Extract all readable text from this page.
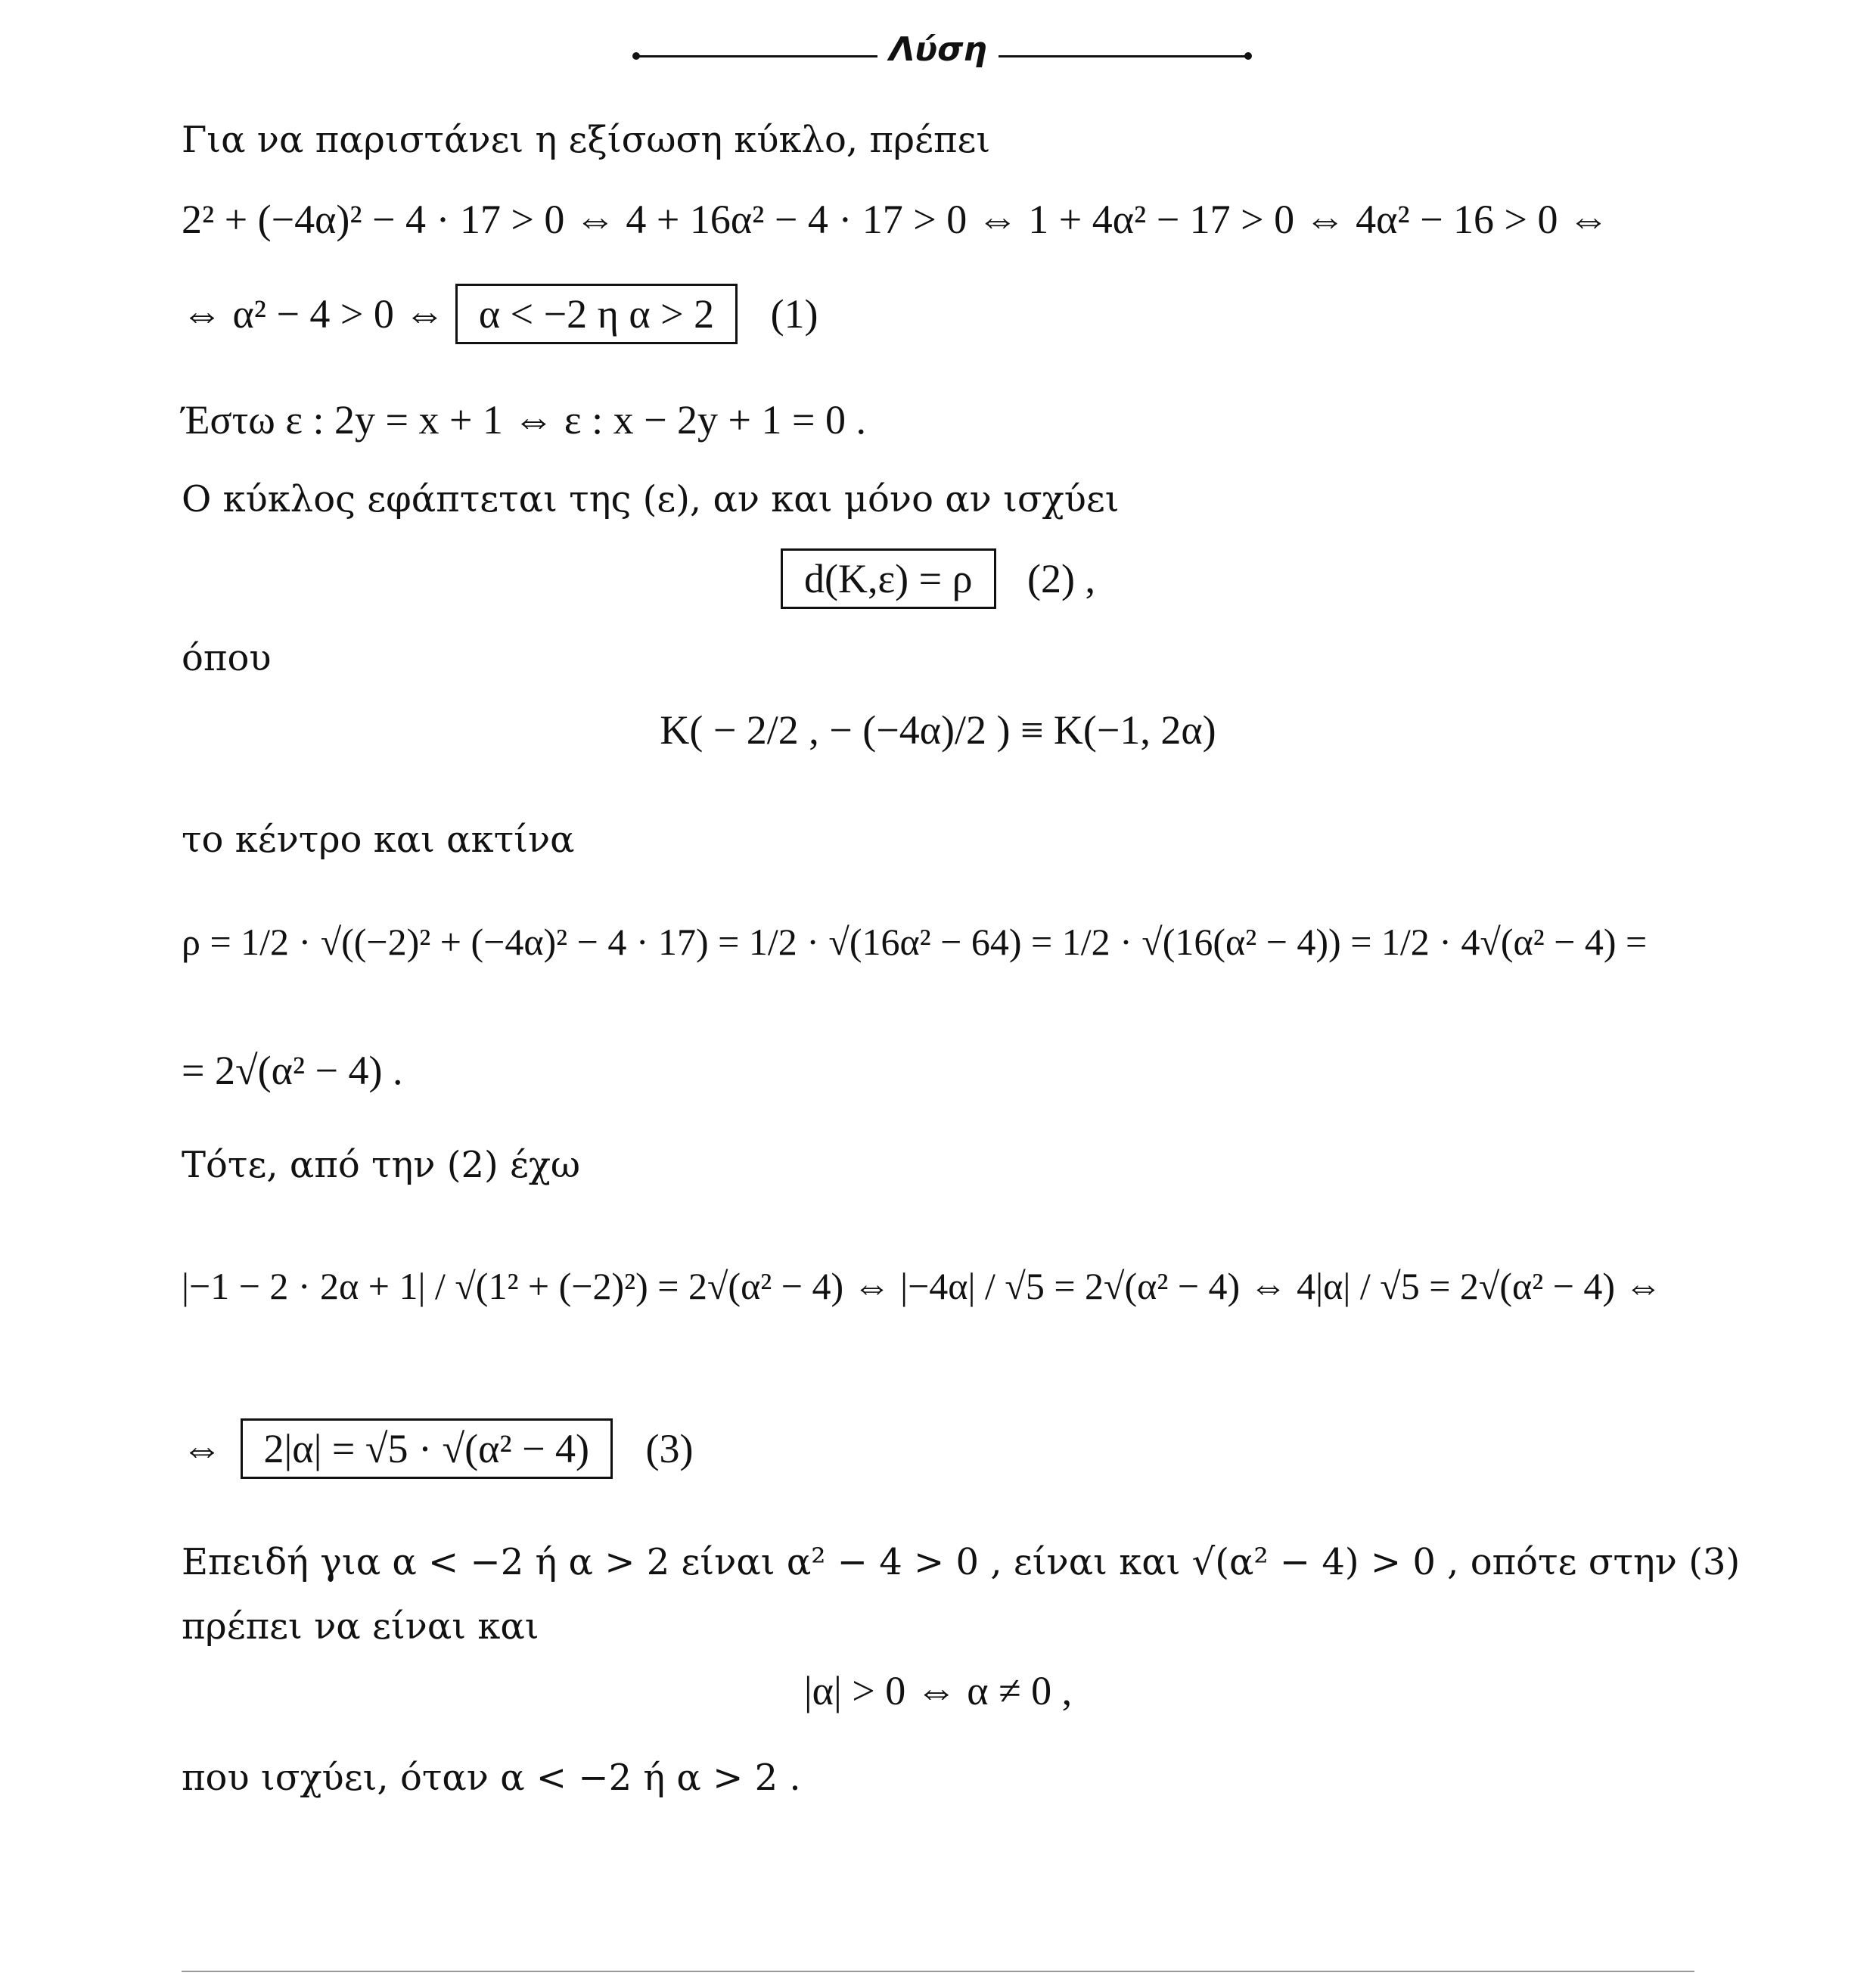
Λύση
Για να παριστάνει η εξίσωση κύκλο, πρέπει
2² + (−4α)² − 4 · 17 > 0 ⇔ 4 + 16α² − 4 · 17 > 0 ⇔ 1 + 4α² − 17 > 0 ⇔ 4α² − 16 > 0 ⇔
⇔ α² − 4 > 0 ⇔ α < −2 η α > 2 (1)
Έστω ε : 2y = x + 1 ⇔ ε : x − 2y + 1 = 0 .
Ο κύκλος εφάπτεται της (ε), αν και μόνο αν ισχύει
d(K,ε) = ρ (2) ,
όπου
K( − 2/2 , − (−4α)/2 ) ≡ K(−1, 2α)
το κέντρο και ακτίνα
ρ = 1/2 · √((−2)² + (−4α)² − 4 · 17) = 1/2 · √(16α² − 64) = 1/2 · √(16(α² − 4)) = 1/2 · 4√(α² − 4) =
= 2√(α² − 4) .
Τότε, από την (2) έχω
|−1 − 2 · 2α + 1| / √(1² + (−2)²) = 2√(α² − 4) ⇔ |−4α| / √5 = 2√(α² − 4) ⇔ 4|α| / √5 = 2√(α² − 4) ⇔
⇔ 2|α| = √5 · √(α² − 4) (3)
Επειδή για α < −2 ή α > 2 είναι α² − 4 > 0 , είναι και √(α² − 4) > 0 , οπότε στην (3)
πρέπει να είναι και
|α| > 0 ⇔ α ≠ 0 ,
που ισχύει, όταν α < −2 ή α > 2 .
